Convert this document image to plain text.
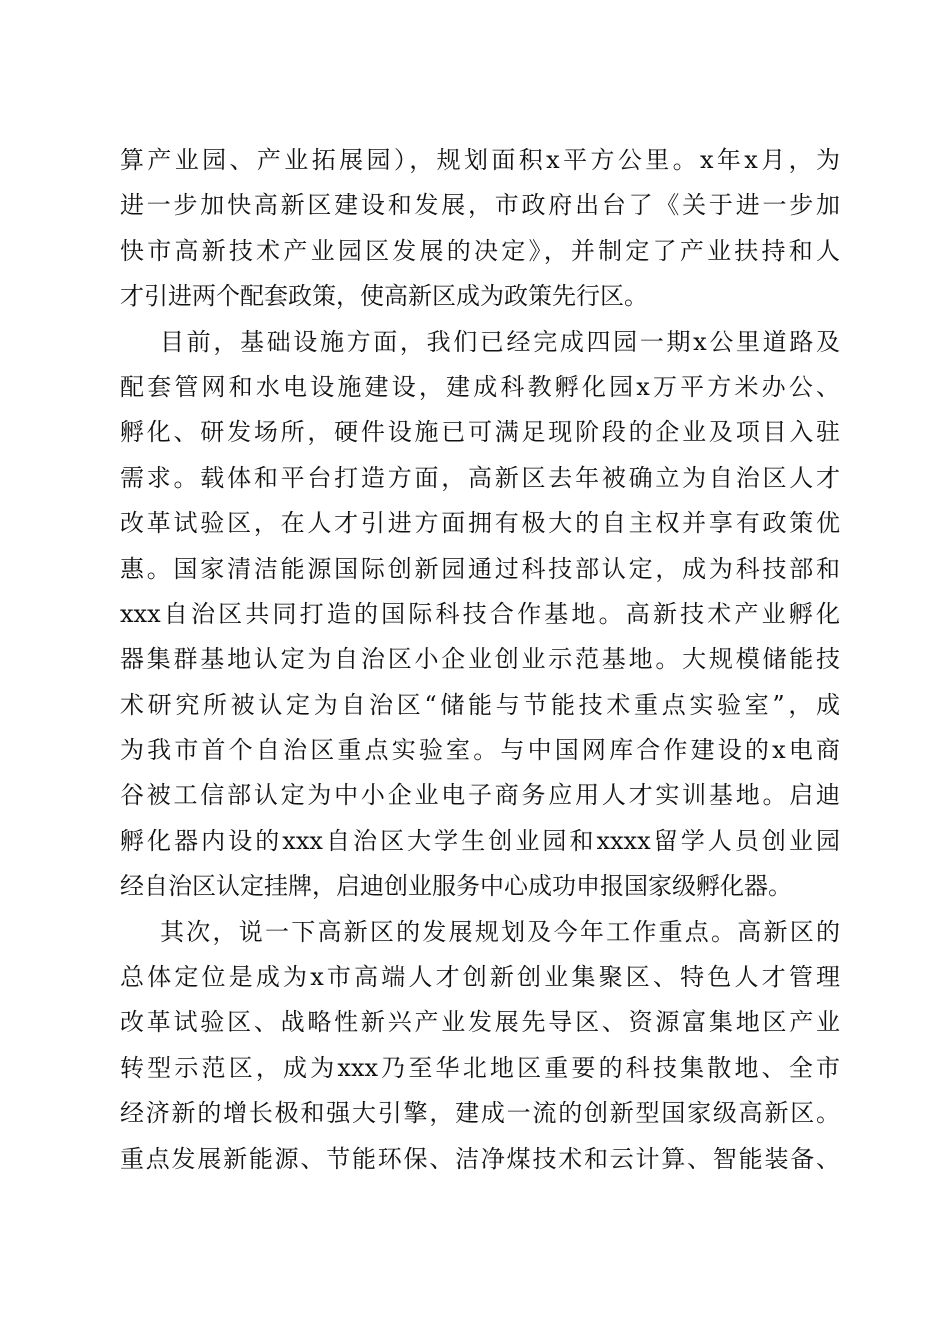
算产业园、产业拓展园），规划面积x平方公里。x年x月，为
进一步加快高新区建设和发展，市政府出台了《关于进一步加
快市高新技术产业园区发展的决定》，并制定了产业扶持和人
才引进两个配套政策，使高新区成为政策先行区。
目前，基础设施方面，我们已经完成四园一期x公里道路及
配套管网和水电设施建设，建成科教孵化园x万平方米办公、
孵化、研发场所，硬件设施已可满足现阶段的企业及项目入驻
需求。载体和平台打造方面，高新区去年被确立为自治区人才
改革试验区，在人才引进方面拥有极大的自主权并享有政策优
惠。国家清洁能源国际创新园通过科技部认定，成为科技部和
xxx自治区共同打造的国际科技合作基地。高新技术产业孵化
器集群基地认定为自治区小企业创业示范基地。大规模储能技
术研究所被认定为自治区“储能与节能技术重点实验室”，成
为我市首个自治区重点实验室。与中国网库合作建设的x电商
谷被工信部认定为中小企业电子商务应用人才实训基地。启迪
孵化器内设的xxx自治区大学生创业园和xxxx留学人员创业园
经自治区认定挂牌，启迪创业服务中心成功申报国家级孵化器。
其次，说一下高新区的发展规划及今年工作重点。高新区的
总体定位是成为x市高端人才创新创业集聚区、特色人才管理
改革试验区、战略性新兴产业发展先导区、资源富集地区产业
转型示范区，成为xxx乃至华北地区重要的科技集散地、全市
经济新的增长极和强大引擎，建成一流的创新型国家级高新区。
重点发展新能源、节能环保、洁净煤技术和云计算、智能装备、
